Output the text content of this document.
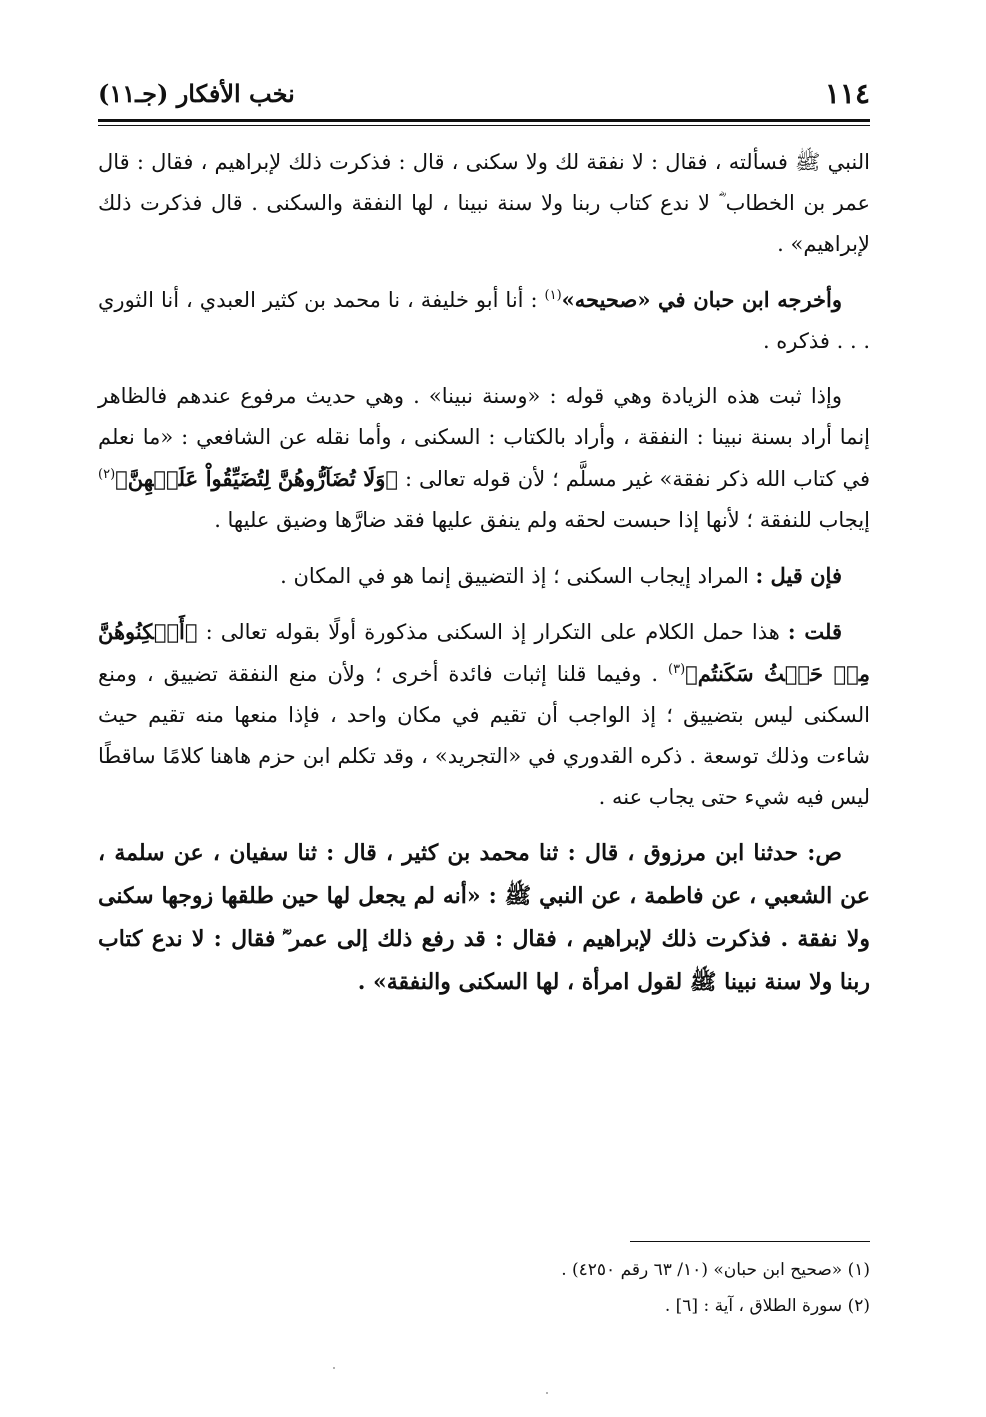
١١٤
نخب الأفكار (جـ١١)

النبي ﷺ فسألته ، فقال : لا نفقة لك ولا سكنى ، قال : فذكرت ذلك لإبراهيم ، فقال : قال عمر بن الخطاب ؓ لا ندع كتاب ربنا ولا سنة نبينا ، لها النفقة والسكنى . قال فذكرت ذلك لإبراهيم» .

وأخرجه ابن حبان في «صحيحه»$^{(١)}$ : أنا أبو خليفة ، نا محمد بن كثير العبدي ، أنا الثوري . . . فذكره .

وإذا ثبت هذه الزيادة وهي قوله : «وسنة نبينا» . وهي حديث مرفوع عندهم فالظاهر إنما أراد بسنة نبينا : النفقة ، وأراد بالكتاب : السكنى ، وأما نقله عن الشافعي : «ما نعلم في كتاب الله ذكر نفقة» غير مسلَّم ؛ لأن قوله تعالى : ﴿وَلَا تُضَآرُّوهُنَّ لِتُضَيِّقُواْ عَلَيۡهِنَّ﴾$^{(٢)}$ إيجاب للنفقة ؛ لأنها إذا حبست لحقه ولم ينفق عليها فقد ضارَّها وضيق عليها .

فإن قيل : المراد إيجاب السكنى ؛ إذ التضييق إنما هو في المكان .

قلت : هذا حمل الكلام على التكرار إذ السكنى مذكورة أولًا بقوله تعالى : ﴿أَسۡكِنُوهُنَّ مِنۡ حَيۡثُ سَكَنتُم﴾$^{(٣)}$ . وفيما قلنا إثبات فائدة أخرى ؛ ولأن منع النفقة تضييق ، ومنع السكنى ليس بتضييق ؛ إذ الواجب أن تقيم في مكان واحد ، فإذا منعها منه تقيم حيث شاءت وذلك توسعة . ذكره القدوري في «التجريد» ، وقد تكلم ابن حزم هاهنا كلامًا ساقطًا ليس فيه شيء حتى يجاب عنه .

ص: حدثنا ابن مرزوق ، قال : ثنا محمد بن كثير ، قال : ثنا سفيان ، عن سلمة ، عن الشعبي ، عن فاطمة ، عن النبي ﷺ : «أنه لم يجعل لها حين طلقها زوجها سكنى ولا نفقة . فذكرت ذلك لإبراهيم ، فقال : قد رفع ذلك إلى عمر ؓ فقال : لا ندع كتاب ربنا ولا سنة نبينا ﷺ لقول امرأة ، لها السكنى والنفقة» .

(١) «صحيح ابن حبان» (١٠/ ٦٣ رقم ٤٢٥٠) .

(٢) سورة الطلاق ، آية : [٦] .
